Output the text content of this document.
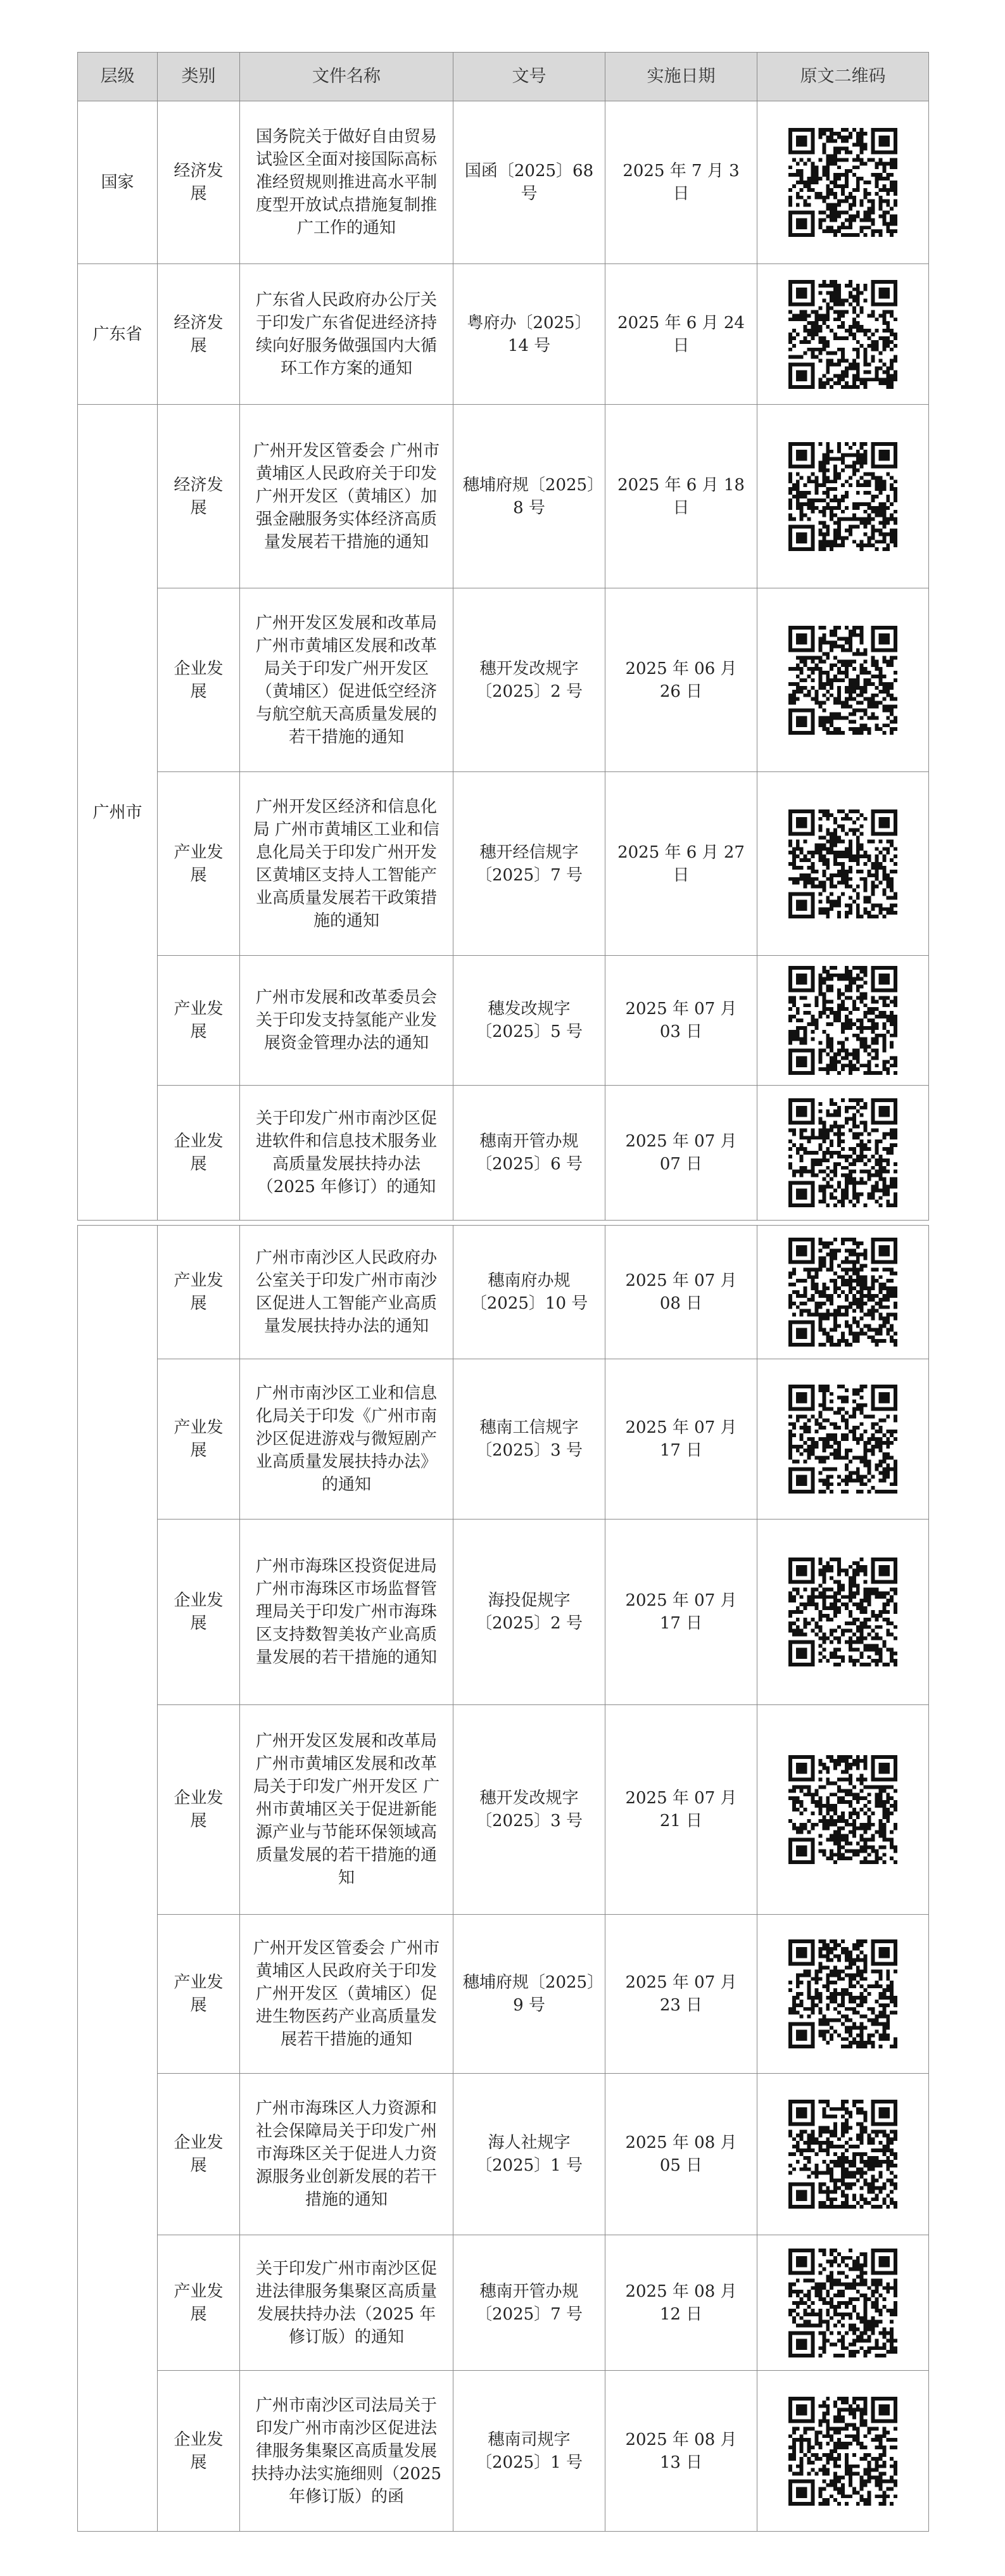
层级	类别	文件名称	文号	实施日期	原文二维码
国家	经济发展	国务院关于做好自由贸易试验区全面对接国际高标准经贸规则推进高水平制度型开放试点措施复制推广工作的通知	国函〔2025〕68 号	2025 年 7 月 3 日	

广东省	经济发展	广东省人民政府办公厅关于印发广东省促进经济持续向好服务做强国内大循环工作方案的通知	粤府办〔2025〕14 号	2025 年 6 月 24 日	

广州市	经济发展	广州开发区管委会 广州市黄埔区人民政府关于印发广州开发区（黄埔区）加强金融服务实体经济高质量发展若干措施的通知	穗埔府规〔2025〕8 号	2025 年 6 月 18 日	

	企业发展	广州开发区发展和改革局 广州市黄埔区发展和改革局关于印发广州开发区（黄埔区）促进低空经济与航空航天高质量发展的若干措施的通知	穗开发改规字〔2025〕2 号	2025 年 06 月 26 日	

	产业发展	广州开发区经济和信息化局 广州市黄埔区工业和信息化局关于印发广州开发区黄埔区支持人工智能产业高质量发展若干政策措施的通知	穗开经信规字〔2025〕7 号	2025 年 6 月 27 日	

	产业发展	广州市发展和改革委员会关于印发支持氢能产业发展资金管理办法的通知	穗发改规字〔2025〕5 号	2025 年 07 月 03 日	

	企业发展	关于印发广州市南沙区促进软件和信息技术服务业高质量发展扶持办法（2025 年修订）的通知	穗南开管办规〔2025〕6 号	2025 年 07 月 07 日	
	产业发展	广州市南沙区人民政府办公室关于印发广州市南沙区促进人工智能产业高质量发展扶持办法的通知	穗南府办规〔2025〕10 号	2025 年 07 月 08 日	

	产业发展	广州市南沙区工业和信息化局关于印发《广州市南沙区促进游戏与微短剧产业高质量发展扶持办法》的通知	穗南工信规字〔2025〕3 号	2025 年 07 月 17 日	

	企业发展	广州市海珠区投资促进局 广州市海珠区市场监督管理局关于印发广州市海珠区支持数智美妆产业高质量发展的若干措施的通知	海投促规字〔2025〕2 号	2025 年 07 月 17 日	

	企业发展	广州开发区发展和改革局 广州市黄埔区发展和改革局关于印发广州开发区 广州市黄埔区关于促进新能源产业与节能环保领域高质量发展的若干措施的通知	穗开发改规字〔2025〕3 号	2025 年 07 月 21 日	

	产业发展	广州开发区管委会 广州市黄埔区人民政府关于印发广州开发区（黄埔区）促进生物医药产业高质量发展若干措施的通知	穗埔府规〔2025〕9 号	2025 年 07 月 23 日	

	企业发展	广州市海珠区人力资源和社会保障局关于印发广州市海珠区关于促进人力资源服务业创新发展的若干措施的通知	海人社规字〔2025〕1 号	2025 年 08 月 05 日	

	产业发展	关于印发广州市南沙区促进法律服务集聚区高质量发展扶持办法（2025 年修订版）的通知	穗南开管办规〔2025〕7 号	2025 年 08 月 12 日	

	企业发展	广州市南沙区司法局关于印发广州市南沙区促进法律服务集聚区高质量发展扶持办法实施细则（2025 年修订版）的函	穗南司规字〔2025〕1 号	2025 年 08 月 13 日	
